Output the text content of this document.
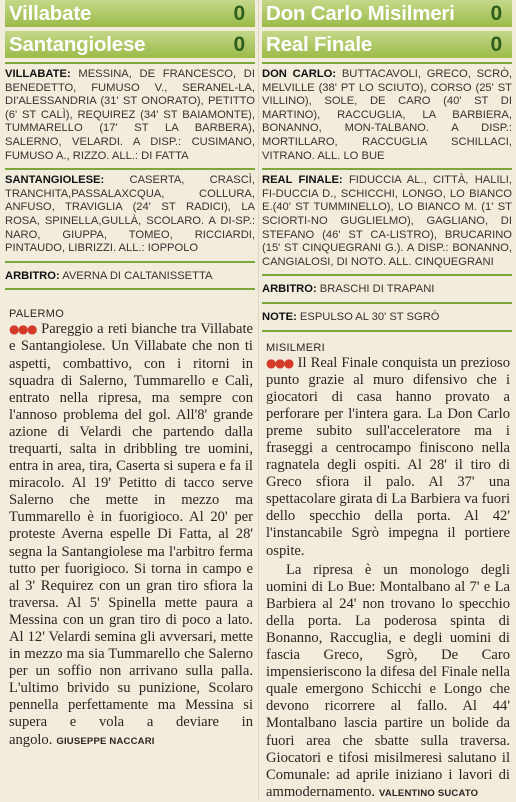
Villabate	0
Santangiolese	0
VILLABATE: MESSINA, DE FRANCESCO, DI BENEDETTO, FUMUSO V., SERANEL-LA, DI'ALESSANDRIA (31' ST ONORATO), PETITTO (6' ST CALÌ), REQUIREZ (34' ST BAIAMONTE), TUMMARELLO (17' ST LA BARBERA), SALERNO, VELARDI. A DISP.: CUSIMANO, FUMUSO A., RIZZO. ALL.: DI FATTA
SANTANGIOLESE: CASERTA, CRASCÌ, TRANCHITA,PASSALAXCQUA, COLLURA, ANFUSO, TRAVIGLIA (24' ST RADICI), LA ROSA, SPINELLA,GULLÀ, SCOLARO. A DI-SP.: NARO, GIUPPA, TOMEO, RICCIARDI, PINTAUDO, LIBRIZZI. ALL.: IOPPOLO
ARBITRO: AVERNA DI CALTANISSETTA
PALERMO

●●● Pareggio a reti bianche tra Villabate e Santangiolese. Un Villabate che non ti aspetti, combattivo, con i ritorni in squadra di Salerno, Tummarello e Calì, entrato nella ripresa, ma sempre con l'annoso problema del gol. All'8' grande azione di Velardi che partendo dalla trequarti, salta in dribbling tre uomini, entra in area, tira, Caserta si supera e fa il miracolo. Al 19' Petitto di tacco serve Salerno che mette in mezzo ma Tummarello è in fuorigioco. Al 20' per proteste Averna espelle Di Fatta, al 28' segna la Santangiolese ma l'arbitro ferma tutto per fuorigioco. Si torna in campo e al 3' Requirez con un gran tiro sfiora la traversa. Al 5' Spinella mette paura a Messina con un gran tiro di poco a lato. Al 12' Velardi semina gli avversari, mette in mezzo ma sia Tummarello che Salerno per un soffio non arrivano sulla palla. L'ultimo brivido su punizione, Scolaro pennella perfettamente ma Messina si supera e vola a deviare in angolo. GIUSEPPE NACCARI

Don Carlo Misilmeri 0
Real Finale	0
DON CARLO: BUTTACAVOLI, GRECO, SCRÒ, MELVILLE (38' PT LO SCIUTO), CORSO (25' ST VILLINO), SOLE, DE CARO (40' ST DI MARTINO), RACCUGLIA, LA BARBIERA, BONANNO, MON-TALBANO. A DISP.: MORTILLARO, RACCUGLIA SCHILLACI, VITRANO. ALL. LO BUE
REAL FINALE: FIDUCCIA AL., CITTÀ, HALILI, FI-DUCCIA D., SCHICCHI, LONGO, LO BIANCO E.(40' ST TUMMINELLO), LO BIANCO M. (1' ST SCIORTI-NO GUGLIELMO), GAGLIANO, DI STEFANO (46' ST CA-LISTRO), BRUCARINO (15' ST CINQUEGRANI G.). A DISP.: BONANNO, CANGIALOSI, DI NOTO. ALL. CINQUEGRANI
ARBITRO: BRASCHI DI TRAPANI
NOTE: ESPULSO AL 30' ST SGRÒ
MISILMERI

●●● Il Real Finale conquista un prezioso punto grazie al muro difensivo che i giocatori di casa hanno provato a perforare per l'intera gara. La Don Carlo preme subito sull'acceleratore ma i fraseggi a centrocampo finiscono nella ragnatela degli ospiti. Al 28' il tiro di Greco sfiora il palo. Al 37' una spettacolare girata di La Barbiera va fuori dello specchio della porta. Al 42' l'instancabile Sgrò impegna il portiere ospite.

La ripresa è un monologo degli uomini di Lo Bue: Montalbano al 7' e La Barbiera al 24' non trovano lo specchio della porta. La poderosa spinta di Bonanno, Raccuglia, e degli uomini di fascia Greco, Sgrò, De Caro impensieriscono la difesa del Finale nella quale emergono Schicchi e Longo che devono ricorrere al fallo. Al 44' Montalbano lascia partire un bolide da fuori area che sbatte sulla traversa. Giocatori e tifosi misilmeresi salutano il Comunale: ad aprile iniziano i lavori di ammodernamento. VALENTINO SUCATO
